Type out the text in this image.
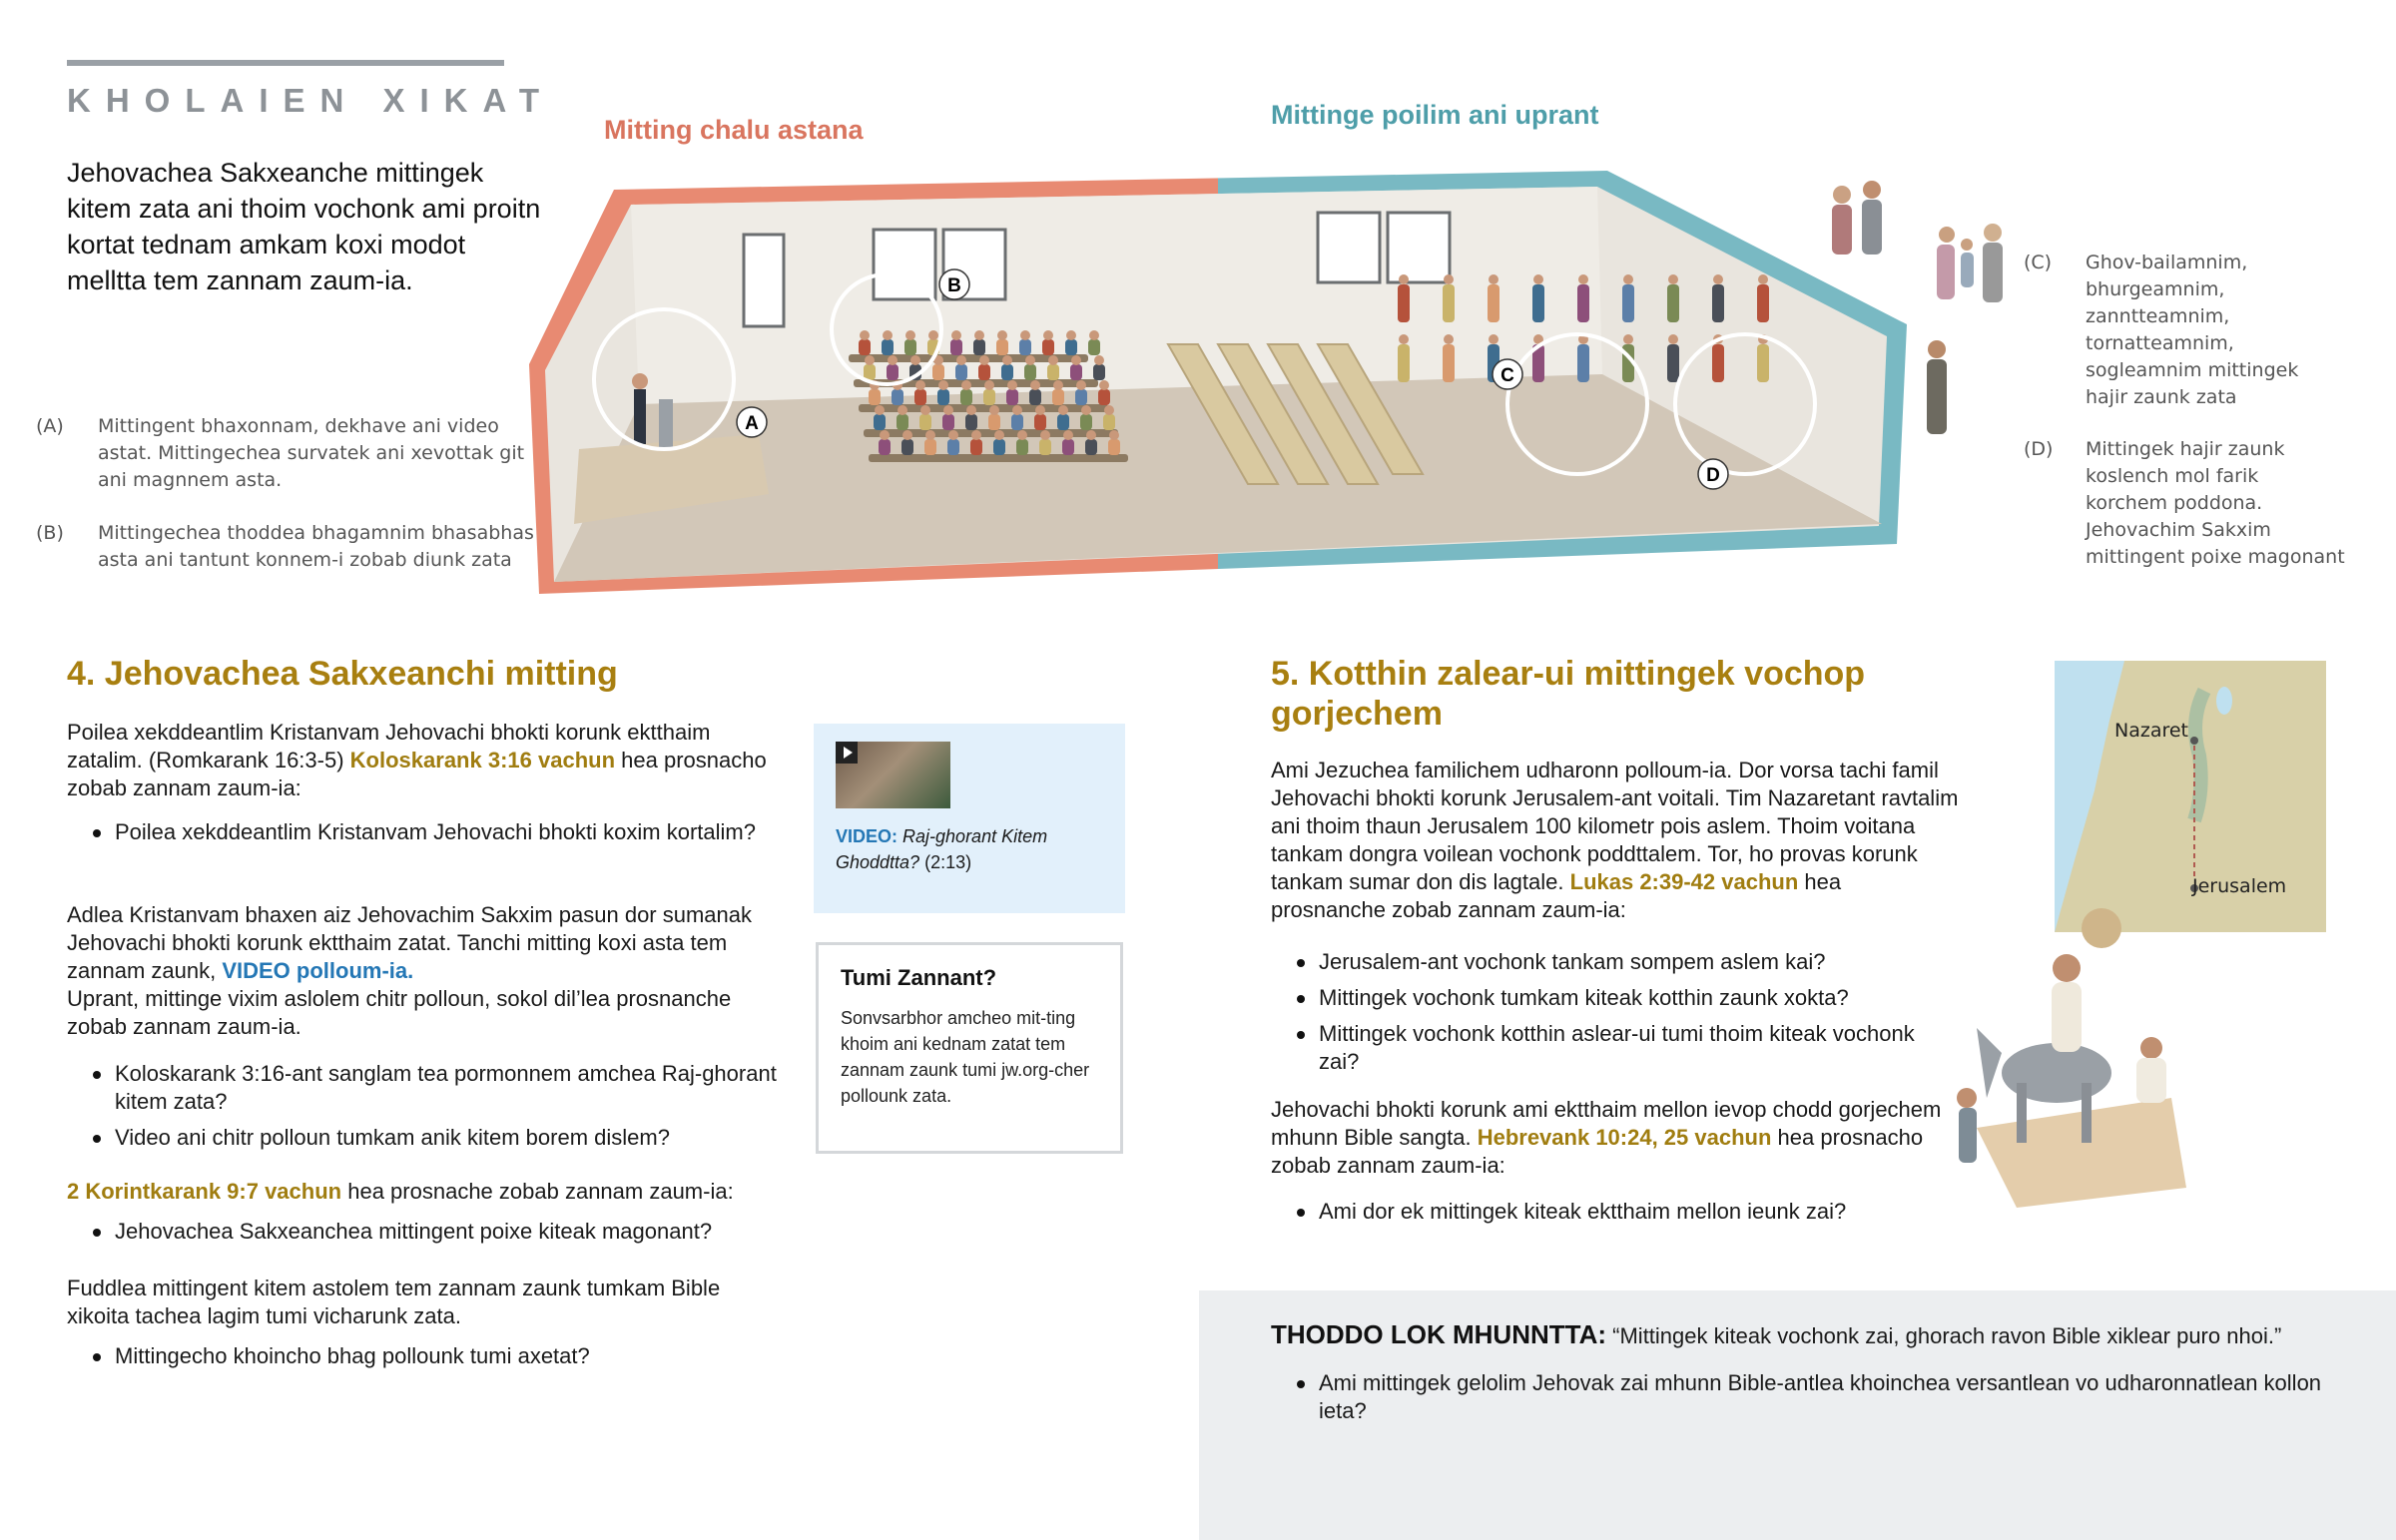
KHOLAIEN XIKAT
Jehovachea Sakxeanche mittingek kitem zata ani thoim vochonk ami proitn kortat tednam amkam koxi modot melltta tem zannam zaum-ia.
(A) Mittingent bhaxonnam, dekhave ani video astat. Mittingechea survatek ani xevottak git ani magnnem asta.
(B) Mittingechea thoddea bhagamnim bhasabhas asta ani tantunt konnem-i zobab diunk zata
(C) Ghov-bailamnim, bhurgeamnim, zanntteamnim, tornatteamnim, sogleamnim mittingek hajir zaunk zata
(D) Mittingek hajir zaunk koslench mol farik korchem poddona. Jehovachim Sakxim mittingent poixe magonant
Mitting chalu astana	Mittinge poilim ani uprant
A
B
C
D
4. Jehovachea Sakxeanchi mitting
Poilea xekddeantlim Kristanvam Jehovachi bhokti korunk ektthaim zatalim. (Romkarank 16:3-5) Koloskarank 3:16 vachun hea prosnacho zobab zannam zaum-ia:
Poilea xekddeantlim Kristanvam Jehovachi bhokti koxim kortalim?
Adlea Kristanvam bhaxen aiz Jehovachim Sakxim pasun dor sumanak Jehovachi bhokti korunk ektthaim zatat. Tanchi mitting koxi asta tem zannam zaunk, VIDEO polloum-ia.
Uprant, mittinge vixim aslolem chitr polloun, sokol dil’lea prosnanche zobab zannam zaum-ia.
Koloskarank 3:16-ant sanglam tea pormonnem amchea Raj-ghorant kitem zata?
Video ani chitr polloun tumkam anik kitem borem dislem?
2 Korintkarank 9:7 vachun hea prosnache zobab zannam zaum-ia:
Jehovachea Sakxeanchea mittingent poixe kiteak magonant?
Fuddlea mittingent kitem astolem tem zannam zaunk tumkam Bible xikoita tachea lagim tumi vicharunk zata.
Mittingecho khoincho bhag pollounk tumi axetat?
VIDEO: Raj-ghorant Kitem Ghoddtta? (2:13)
Tumi Zannant?
Sonvsarbhor amcheo mit-ting khoim ani kednam zatat tem zannam zaunk tumi jw.org-cher pollounk zata.
5. Kotthin zalear-ui mittingek vochop gorjechem
Ami Jezuchea familichem udharonn polloum-ia. Dor vorsa tachi famil Jehovachi bhokti korunk Jerusalem-ant voitali. Tim Nazaretant ravtalim ani thoim thaun Jerusalem 100 kilometr pois aslem. Thoim voitana tankam dongra voilean vochonk poddttalem. Tor, ho provas korunk tankam sumar don dis lagtale. Lukas 2:39-42 vachun hea prosnanche zobab zannam zaum-ia:
Jerusalem-ant vochonk tankam sompem aslem kai?
Mittingek vochonk tumkam kiteak kotthin zaunk xokta?
Mittingek vochonk kotthin aslear-ui tumi thoim kiteak vochonk zai?
Jehovachi bhokti korunk ami ektthaim mellon ievop chodd gorjechem mhunn Bible sangta. Hebrevank 10:24, 25 vachun hea prosnacho zobab zannam zaum-ia:
Ami dor ek mittingek kiteak ektthaim mellon ieunk zai?
Nazaret
Jerusalem
THODDO LOK MHUNNTTA: “Mittingek kiteak vochonk zai, ghorach ravon Bible xiklear puro nhoi.”
Ami mittingek gelolim Jehovak zai mhunn Bible-antlea khoinchea versantlean vo udharonnatlean kollon ieta?
